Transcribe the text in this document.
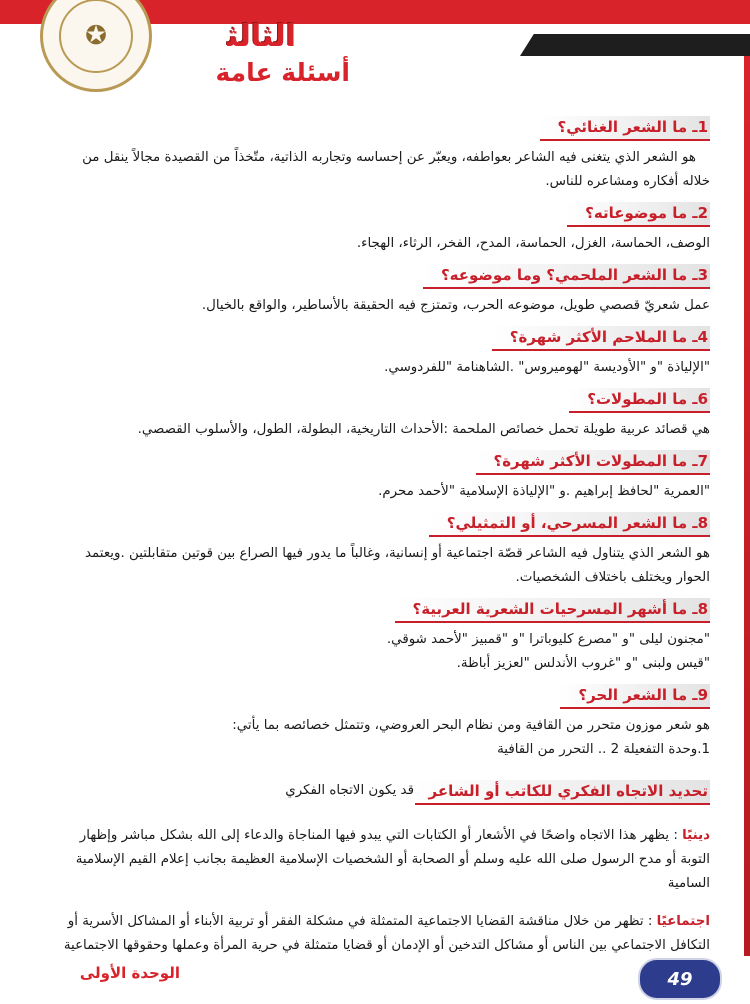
✪	الثالث$^{الثانوي}$
أسئلة عامة
1ـ ما الشعر الغنائي؟

هو الشعر الذي يتغنى فيه الشاعر بعواطفه، ويعبّر عن إحساسه وتجاربه الذاتية، متّخذاً من القصيدة مجالاً ينقل من

خلاله أفكاره ومشاعره للناس.

2ـ ما موضوعاته؟

الوصف، الحماسة، الغزل، الحماسة، المدح، الفخر، الرثاء، الهجاء.

3ـ ما الشعر الملحمي؟ وما موضوعه؟

عمل شعريّ قصصي طويل، موضوعه الحرب، وتمتزج فيه الحقيقة بالأساطير، والواقع بالخيال.

4ـ ما الملاحم الأكثر شهرة؟

"الإلياذة "و "الأوديسة "لهوميروس" .الشاهنامة "للفردوسي.

6ـ ما المطولات؟

هي قصائد عربية طويلة تحمل خصائص الملحمة :الأحداث التاريخية، البطولة، الطول، والأسلوب القصصي.

7ـ ما المطولات الأكثر شهرة؟

"العمرية "لحافظ إبراهيم .و "الإلياذة الإسلامية "لأحمد محرم.

8ـ ما الشعر المسرحي، أو التمثيلي؟

هو الشعر الذي يتناول فيه الشاعر قصّة اجتماعية أو إنسانية، وغالباً ما يدور فيها الصراع بين قوتين متقابلتين .ويعتمد

الحوار ويختلف باختلاف الشخصيات.

8ـ ما أشهر المسرحيات الشعرية العربية؟

"مجنون ليلى "و "مصرع كليوباترا "و "قمبيز "لأحمد شوقي.

"قيس ولبنى "و "غروب الأندلس "لعزيز أباظة.

9ـ ما الشعر الحر؟

هو شعر موزون متحرر من القافية ومن نظام البحر العروضي، وتتمثل خصائصه بما يأتي:

1.وحدة التفعيلة 2 .. التحرر من القافية

تحديد الاتجاه الفكري للكاتب أو الشاعر
قد يكون الاتجاه الفكري
دينيًا : يظهر هذا الاتجاه واضحًا في الأشعار أو الكتابات التي يبدو فيها المناجاة والدعاء إلى الله بشكل مباشر وإظهار التوبة أو مدح الرسول صلى الله عليه وسلم أو الصحابة أو الشخصيات الإسلامية العظيمة بجانب إعلام القيم الإسلامية السامية
اجتماعيًا : تظهر من خلال مناقشة القضايا الاجتماعية المتمثلة في مشكلة الفقر أو تربية الأبناء أو المشاكل الأسرية أو التكافل الاجتماعي بين الناس أو مشاكل التدخين أو الإدمان أو قضايا متمثلة في حرية المرأة وعملها وحقوقها الاجتماعية
الوحدة الأولى	49
